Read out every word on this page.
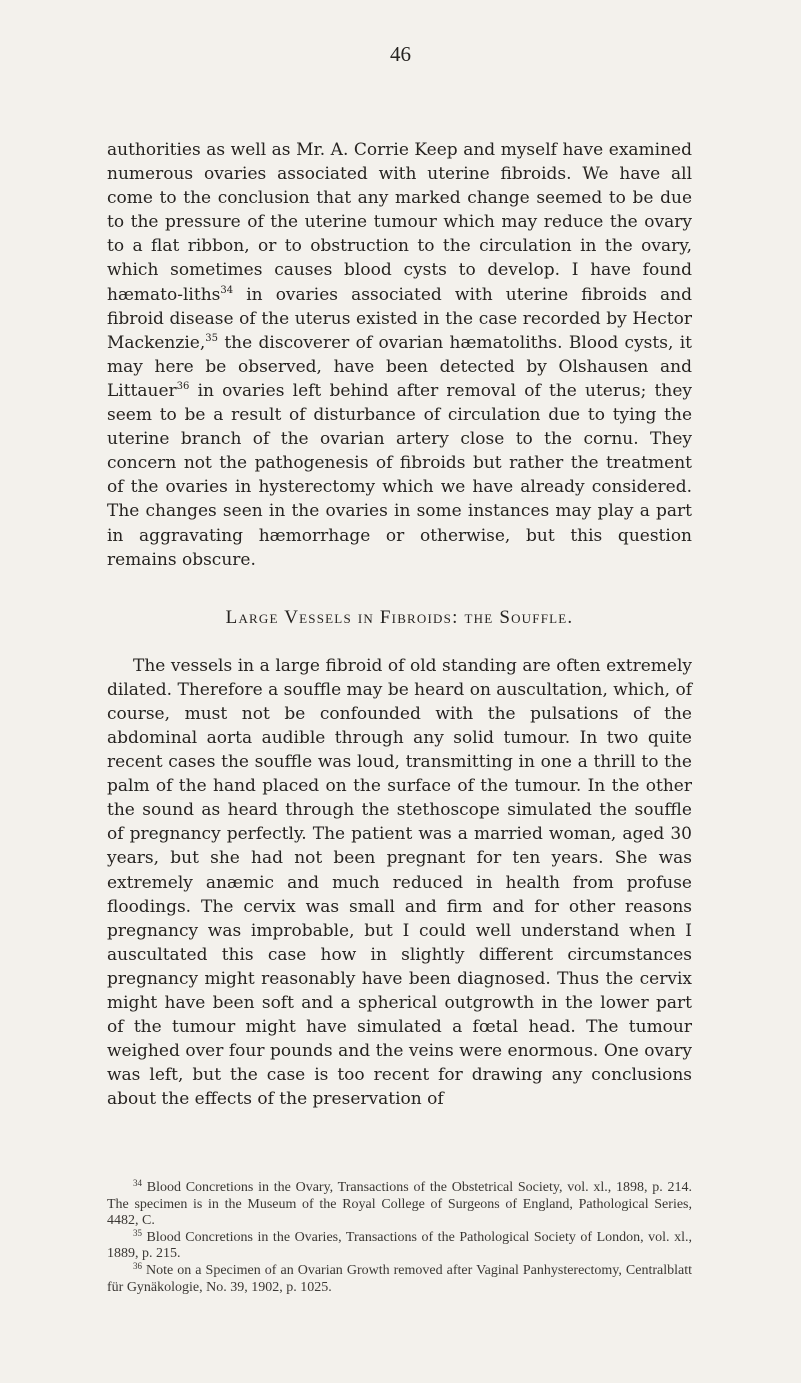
46

authorities as well as Mr. A. Corrie Keep and myself have examined numerous ovaries associated with uterine fibroids. We have all come to the conclusion that any marked change seemed to be due to the pressure of the uterine tumour which may reduce the ovary to a flat ribbon, or to obstruction to the circulation in the ovary, which sometimes causes blood cysts to develop. I have found hæmato-liths$^{34}$ in ovaries associated with uterine fibroids and fibroid disease of the uterus existed in the case recorded by Hector Mackenzie,$^{35}$ the discoverer of ovarian hæmatoliths. Blood cysts, it may here be observed, have been detected by Olshausen and Littauer$^{36}$ in ovaries left behind after removal of the uterus; they seem to be a result of disturbance of circulation due to tying the uterine branch of the ovarian artery close to the cornu. They concern not the pathogenesis of fibroids but rather the treatment of the ovaries in hysterectomy which we have already considered. The changes seen in the ovaries in some instances may play a part in aggravating hæmorrhage or otherwise, but this question remains obscure.

Large Vessels in Fibroids: the Souffle.

The vessels in a large fibroid of old standing are often extremely dilated. Therefore a souffle may be heard on auscultation, which, of course, must not be confounded with the pulsations of the abdominal aorta audible through any solid tumour. In two quite recent cases the souffle was loud, transmitting in one a thrill to the palm of the hand placed on the surface of the tumour. In the other the sound as heard through the stethoscope simulated the souffle of pregnancy perfectly. The patient was a married woman, aged 30 years, but she had not been pregnant for ten years. She was extremely anæmic and much reduced in health from profuse floodings. The cervix was small and firm and for other reasons pregnancy was improbable, but I could well understand when I auscultated this case how in slightly different circumstances pregnancy might reasonably have been diagnosed. Thus the cervix might have been soft and a spherical outgrowth in the lower part of the tumour might have simulated a fœtal head. The tumour weighed over four pounds and the veins were enormous. One ovary was left, but the case is too recent for drawing any conclusions about the effects of the preservation of

$^{34}$ Blood Concretions in the Ovary, Transactions of the Obstetrical Society, vol. xl., 1898, p. 214. The specimen is in the Museum of the Royal College of Surgeons of England, Pathological Series, 4482, C.

$^{35}$ Blood Concretions in the Ovaries, Transactions of the Pathological Society of London, vol. xl., 1889, p. 215.

$^{36}$ Note on a Specimen of an Ovarian Growth removed after Vaginal Panhysterectomy, Centralblatt für Gynäkologie, No. 39, 1902, p. 1025.
